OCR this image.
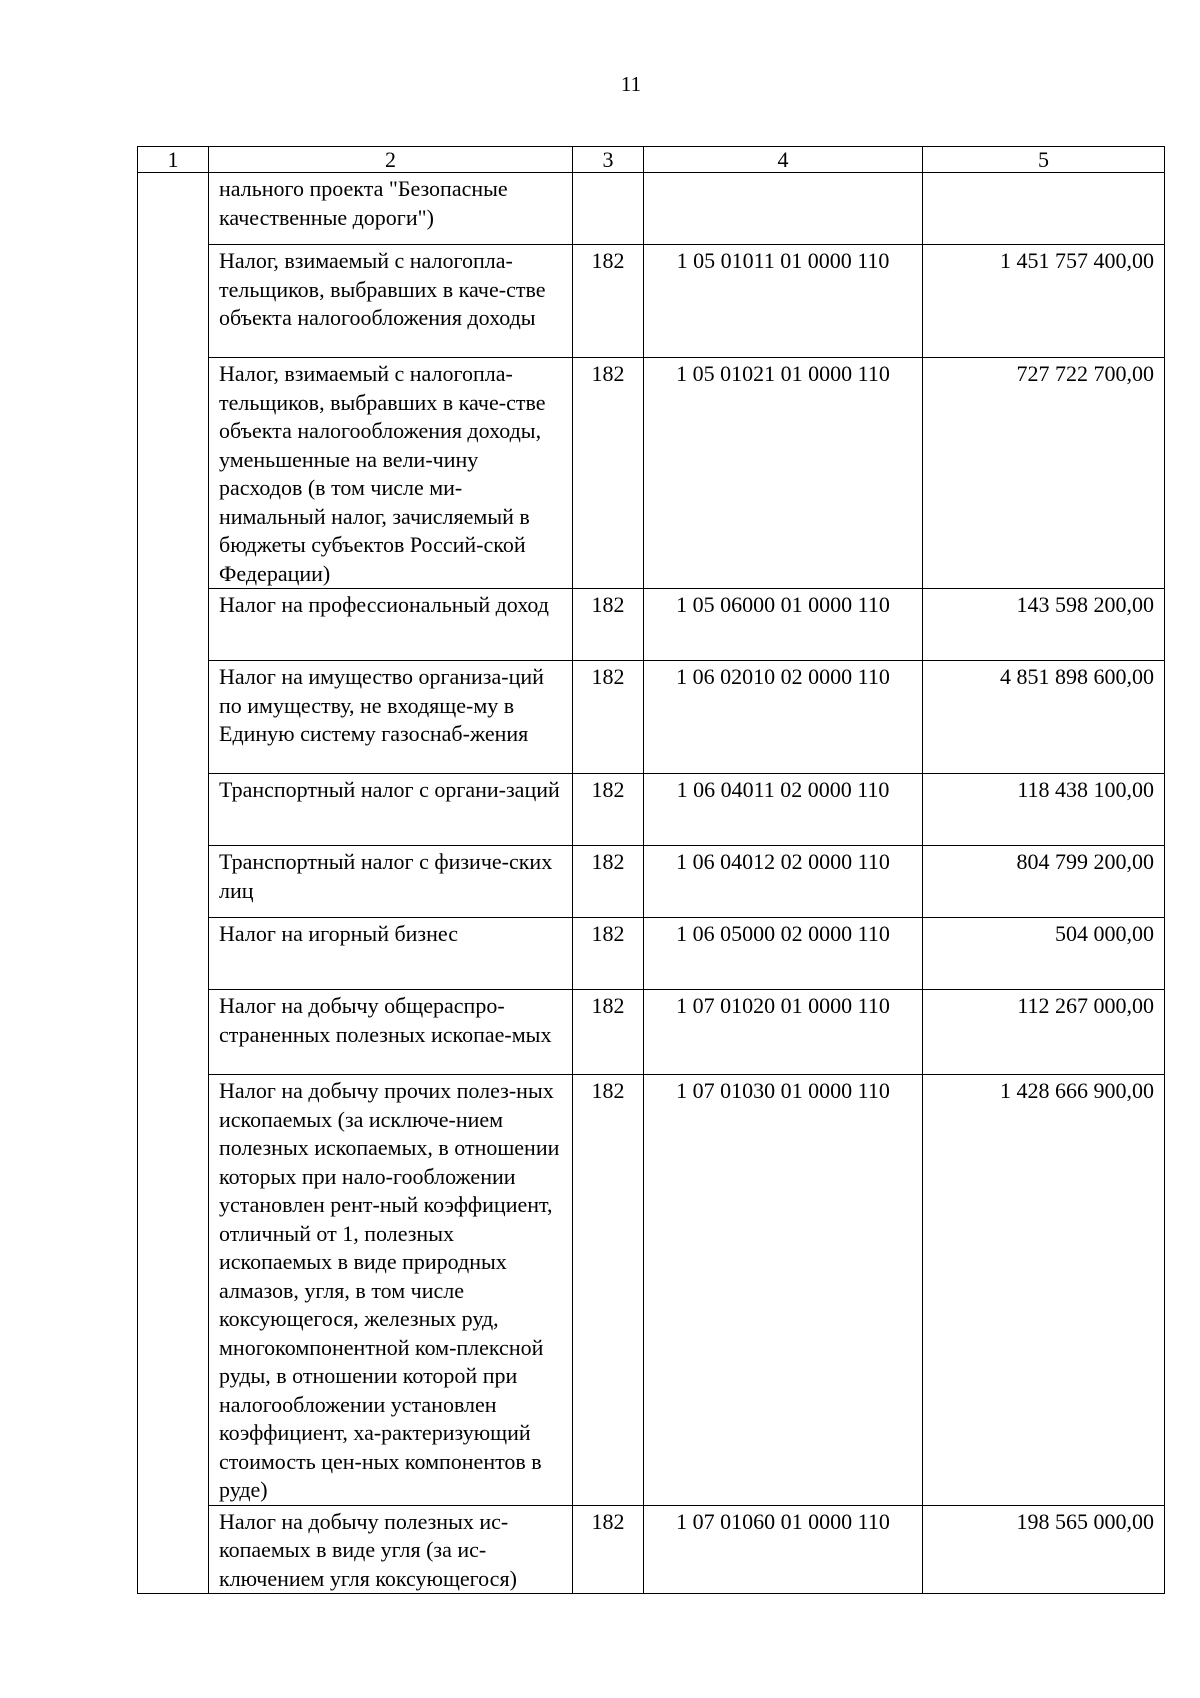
11
1	2	3	4	5
	нального проекта "Безопасные качественные дороги")			
	Налог, взимаемый с налогопла-тельщиков, выбравших в каче-стве объекта налогообложения доходы	182	1 05 01011 01 0000 110	1 451 757 400,00
	Налог, взимаемый с налогопла-тельщиков, выбравших в каче-стве объекта налогообложения доходы, уменьшенные на вели-чину расходов (в том числе ми-нимальный налог, зачисляемый в бюджеты субъектов Россий-ской Федерации)	182	1 05 01021 01 0000 110	727 722 700,00
	Налог на профессиональный доход	182	1 05 06000 01 0000 110	143 598 200,00
	Налог на имущество организа-ций по имуществу, не входяще-му в Единую систему газоснаб-жения	182	1 06 02010 02 0000 110	4 851 898 600,00
	Транспортный налог с органи-заций	182	1 06 04011 02 0000 110	118 438 100,00
	Транспортный налог с физиче-ских лиц	182	1 06 04012 02 0000 110	804 799 200,00
	Налог на игорный бизнес	182	1 06 05000 02 0000 110	504 000,00
	Налог на добычу общераспро-страненных полезных ископае-мых	182	1 07 01020 01 0000 110	112 267 000,00
	Налог на добычу прочих полез-ных ископаемых (за исключе-нием полезных ископаемых, в отношении которых при нало-гообложении установлен рент-ный коэффициент, отличный от 1, полезных ископаемых в виде природных алмазов, угля, в том числе коксующегося, железных руд, многокомпонентной ком-плексной руды, в отношении которой при налогообложении установлен коэффициент, ха-рактеризующий стоимость цен-ных компонентов в руде)	182	1 07 01030 01 0000 110	1 428 666 900,00
	Налог на добычу полезных ис-копаемых в виде угля (за ис-ключением угля коксующегося)	182	1 07 01060 01 0000 110	198 565 000,00
